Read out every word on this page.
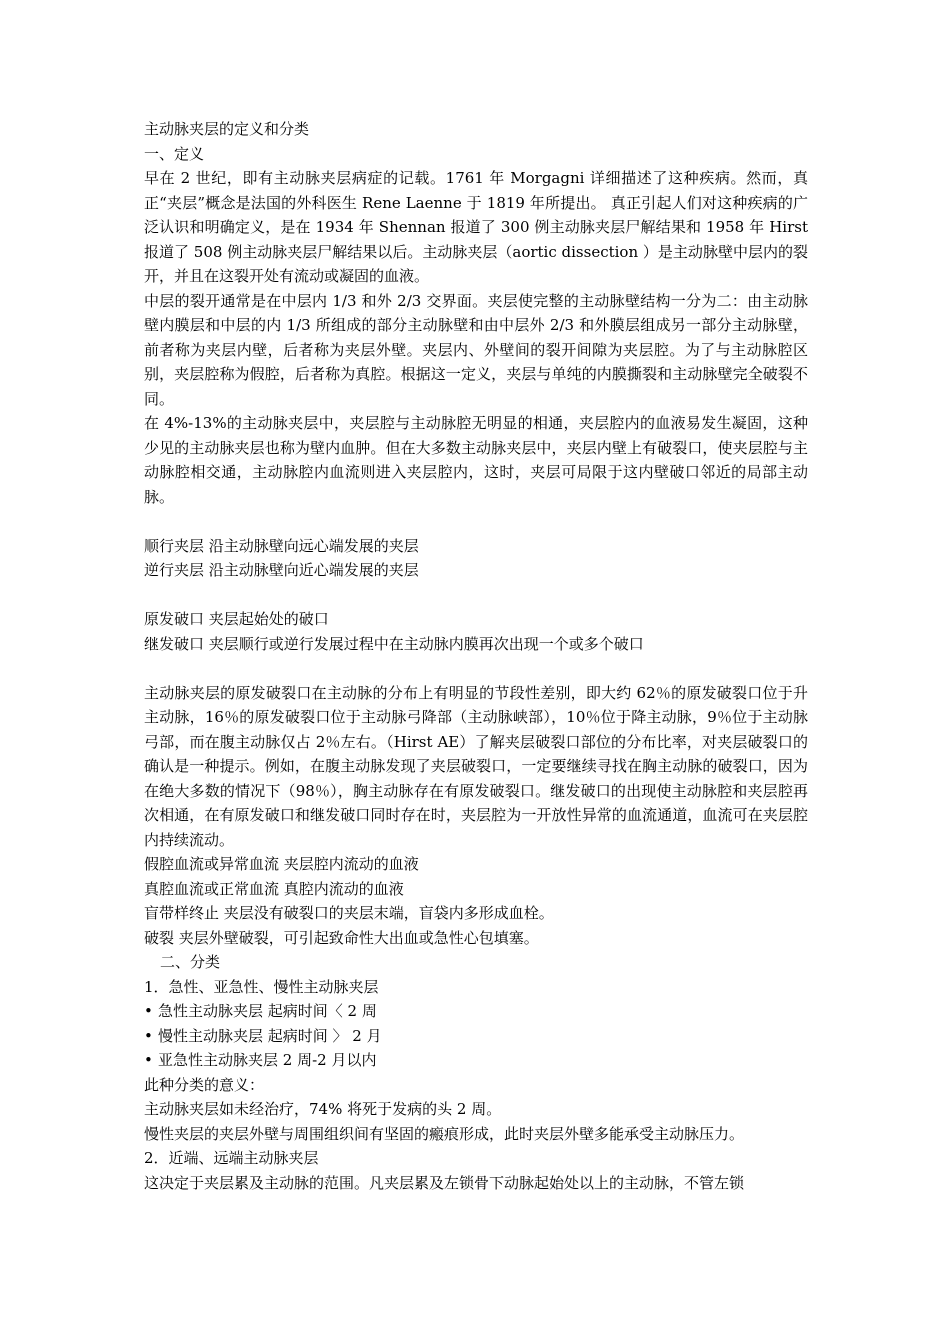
主动脉夹层的定义和分类

一、定义

早在 2 世纪，即有主动脉夹层病症的记载。1761 年 Morgagni 详细描述了这种疾病。然而，真正“夹层”概念是法国的外科医生 Rene Laenne 于 1819 年所提出。 真正引起人们对这种疾病的广泛认识和明确定义，是在 1934 年 Shennan 报道了 300 例主动脉夹层尸解结果和 1958 年 Hirst 报道了 508 例主动脉夹层尸解结果以后。主动脉夹层（aortic dissection ）是主动脉壁中层内的裂开，并且在这裂开处有流动或凝固的血液。

中层的裂开通常是在中层内 1/3 和外 2/3 交界面。夹层使完整的主动脉壁结构一分为二：由主动脉壁内膜层和中层的内 1/3 所组成的部分主动脉壁和由中层外 2/3 和外膜层组成另一部分主动脉壁，前者称为夹层内壁，后者称为夹层外壁。夹层内、外壁间的裂开间隙为夹层腔。为了与主动脉腔区别，夹层腔称为假腔，后者称为真腔。根据这一定义，夹层与单纯的内膜撕裂和主动脉壁完全破裂不同。

在 4%-13%的主动脉夹层中，夹层腔与主动脉腔无明显的相通，夹层腔内的血液易发生凝固，这种少见的主动脉夹层也称为壁内血肿。但在大多数主动脉夹层中，夹层内壁上有破裂口，使夹层腔与主动脉腔相交通，主动脉腔内血流则进入夹层腔内，这时，夹层可局限于这内壁破口邻近的局部主动脉。

顺行夹层 沿主动脉壁向远心端发展的夹层

逆行夹层 沿主动脉壁向近心端发展的夹层

原发破口 夹层起始处的破口

继发破口 夹层顺行或逆行发展过程中在主动脉内膜再次出现一个或多个破口

主动脉夹层的原发破裂口在主动脉的分布上有明显的节段性差别，即大约 62％的原发破裂口位于升主动脉，16％的原发破裂口位于主动脉弓降部（主动脉峡部），10％位于降主动脉，9％位于主动脉弓部，而在腹主动脉仅占 2％左右。（Hirst AE）了解夹层破裂口部位的分布比率，对夹层破裂口的确认是一种提示。例如，在腹主动脉发现了夹层破裂口，一定要继续寻找在胸主动脉的破裂口，因为在绝大多数的情况下（98％），胸主动脉存在有原发破裂口。继发破口的出现使主动脉腔和夹层腔再次相通，在有原发破口和继发破口同时存在时，夹层腔为一开放性异常的血流通道，血流可在夹层腔内持续流动。

假腔血流或异常血流 夹层腔内流动的血液

真腔血流或正常血流 真腔内流动的血液

盲带样终止 夹层没有破裂口的夹层末端，盲袋内多形成血栓。

破裂 夹层外壁破裂，可引起致命性大出血或急性心包填塞。

二、分类

1．急性、亚急性、慢性主动脉夹层

• 急性主动脉夹层 起病时间〈 2 周

• 慢性主动脉夹层 起病时间 〉 2 月

• 亚急性主动脉夹层 2 周-2 月以内

此种分类的意义：

主动脉夹层如未经治疗，74% 将死于发病的头 2 周。

慢性夹层的夹层外壁与周围组织间有坚固的瘢痕形成，此时夹层外壁多能承受主动脉压力。

2．近端、远端主动脉夹层

这决定于夹层累及主动脉的范围。凡夹层累及左锁骨下动脉起始处以上的主动脉，不管左锁
